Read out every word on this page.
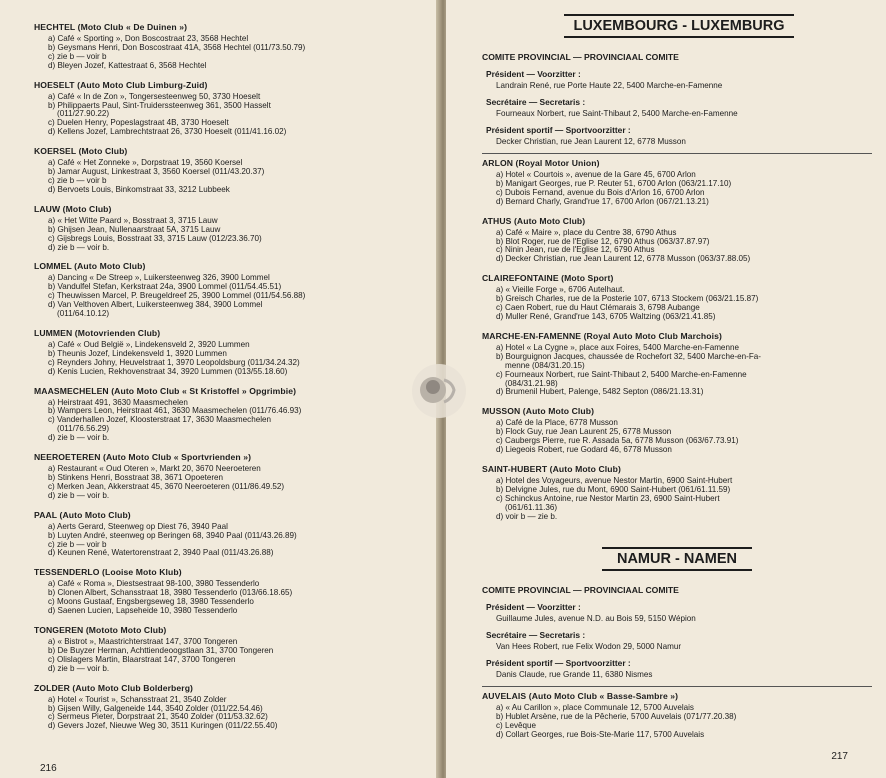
HECHTEL (Moto Club « De Duinen »)
a) Café « Sporting », Don Boscostraat 23, 3568 Hechtel
b) Geysmans Henri, Don Boscostraat 41A, 3568 Hechtel (011/73.50.79)
c) zie b — voir b
d) Bleyen Jozef, Kattestraat 6, 3568 Hechtel
HOESELT (Auto Moto Club Limburg-Zuid)
a) Café « In de Zon », Tongersesteenweg 50, 3730 Hoeselt
b) Philippaerts Paul, Sint-Truiderssteenweg 361, 3500 Hasselt
(011/27.90.22)
c) Duelen Henry, Popeslagstraat 4B, 3730 Hoeselt
d) Kellens Jozef, Lambrechtstraat 26, 3730 Hoeselt (011/41.16.02)
KOERSEL (Moto Club)
a) Café « Het Zonneke », Dorpstraat 19, 3560 Koersel
b) Jamar August, Linkestraat 3, 3560 Koersel (011/43.20.37)
c) zie b — voir b
d) Bervoets Louis, Binkomstraat 33, 3212 Lubbeek
LAUW (Moto Club)
a) « Het Witte Paard », Bosstraat 3, 3715 Lauw
b) Ghijsen Jean, Nullenaarstraat 5A, 3715 Lauw
c) Gijsbregs Louis, Bosstraat 33, 3715 Lauw (012/23.36.70)
d) zie b — voir b.
LOMMEL (Auto Moto Club)
a) Dancing « De Streep », Luikersteenweg 326, 3900 Lommel
b) Vandulfel Stefan, Kerkstraat 24a, 3900 Lommel (011/54.45.51)
c) Theuwissen Marcel, P. Breugeldreef 25, 3900 Lommel (011/54.56.88)
d) Van Velthoven Albert, Luikersteenweg 384, 3900 Lommel
(011/64.10.12)
LUMMEN (Motovrienden Club)
a) Café « Oud België », Lindekensveld 2, 3920 Lummen
b) Theunis Jozef, Lindekensveld 1, 3920 Lummen
c) Reynders Johny, Heuvelstraat 1, 3970 Leopoldsburg (011/34.24.32)
d) Kenis Lucien, Rekhovenstraat 34, 3920 Lummen (013/55.18.60)
MAASMECHELEN (Auto Moto Club « St Kristoffel » Opgrimbie)
a) Heirstraat 491, 3630 Maasmechelen
b) Wampers Leon, Heirstraat 461, 3630 Maasmechelen (011/76.46.93)
c) Vanderhallen Jozef, Kloosterstraat 17, 3630 Maasmechelen
(011/76.56.29)
d) zie b — voir b.
NEEROETEREN (Auto Moto Club « Sportvrienden »)
a) Restaurant « Oud Oteren », Markt 20, 3670 Neeroeteren
b) Stinkens Henri, Bosstraat 38, 3671 Opoeteren
c) Merken Jean, Akkerstraat 45, 3670 Neeroeteren (011/86.49.52)
d) zie b — voir b.
PAAL (Auto Moto Club)
a) Aerts Gerard, Steenweg op Diest 76, 3940 Paal
b) Luyten André, steenweg op Beringen 68, 3940 Paal (011/43.26.89)
c) zie b — voir b
d) Keunen René, Watertorenstraat 2, 3940 Paal (011/43.26.88)
TESSENDERLO (Looise Moto Klub)
a) Café « Roma », Diestsestraat 98-100, 3980 Tessenderlo
b) Clonen Albert, Schansstraat 18, 3980 Tessenderlo (013/66.18.65)
c) Moons Gustaaf, Engsbergseweg 18, 3980 Tessenderlo
d) Saenen Lucien, Lapseheide 10, 3980 Tessenderlo
TONGEREN (Mototo Moto Club)
a) « Bistrot », Maastrichterstraat 147, 3700 Tongeren
b) De Buyzer Herman, Achttiendeoogstlaan 31, 3700 Tongeren
c) Olislagers Martin, Blaarstraat 147, 3700 Tongeren
d) zie b — voir b.
ZOLDER (Auto Moto Club Bolderberg)
a) Hotel « Tourist », Schansstraat 21, 3540 Zolder
b) Gijsen Willy, Galgeneide 144, 3540 Zolder (011/22.54.46)
c) Sermeus Pieter, Dorpstraat 21, 3540 Zolder (011/53.32.62)
d) Gevers Jozef, Nieuwe Weg 30, 3511 Kuringen (011/22.55.40)
216
LUXEMBOURG - LUXEMBURG
COMITE PROVINCIAL — PROVINCIAAL COMITE
Président — Voorzitter :
Landrain René, rue Porte Haute 22, 5400 Marche-en-Famenne
Secrétaire — Secretaris :
Fourneaux Norbert, rue Saint-Thibaut 2, 5400 Marche-en-Famenne
Président sportif — Sportvoorzitter :
Decker Christian, rue Jean Laurent 12, 6778 Musson
ARLON (Royal Motor Union)
a) Hotel « Courtois », avenue de la Gare 45, 6700 Arlon
b) Manigart Georges, rue P. Reuter 51, 6700 Arlon (063/21.17.10)
c) Dubois Fernand, avenue du Bois d'Arlon 16, 6700 Arlon
d) Bernard Charly, Grand'rue 17, 6700 Arlon (067/21.13.21)
ATHUS (Auto Moto Club)
a) Café « Maire », place du Centre 38, 6790 Athus
b) Blot Roger, rue de l'Eglise 12, 6790 Athus (063/37.87.97)
c) Ninin Jean, rue de l'Eglise 12, 6790 Athus
d) Decker Christian, rue Jean Laurent 12, 6778 Musson (063/37.88.05)
CLAIREFONTAINE (Moto Sport)
a) « Vieille Forge », 6706 Autelhaut.
b) Greisch Charles, rue de la Posterie 107, 6713 Stockem (063/21.15.87)
c) Caen Robert, rue du Haut Clémarais 3, 6798 Aubange
d) Muller René, Grand'rue 143, 6705 Waltzing (063/21.41.85)
MARCHE-EN-FAMENNE (Royal Auto Moto Club Marchois)
a) Hotel « La Cygne », place aux Foires, 5400 Marche-en-Famenne
b) Bourguignon Jacques, chaussée de Rochefort 32, 5400 Marche-en-Fa-
menne (084/31.20.15)
c) Fourneaux Norbert, rue Saint-Thibaut 2, 5400 Marche-en-Famenne
(084/31.21.98)
d) Brumenil Hubert, Palenge, 5482 Septon (086/21.13.31)
MUSSON (Auto Moto Club)
a) Café de la Place, 6778 Musson
b) Flock Guy, rue Jean Laurent 25, 6778 Musson
c) Caubergs Pierre, rue R. Assada 5a, 6778 Musson (063/67.73.91)
d) Liegeois Robert, rue Godard 46, 6778 Musson
SAINT-HUBERT (Auto Moto Club)
a) Hotel des Voyageurs, avenue Nestor Martin, 6900 Saint-Hubert
b) Delvigne Jules, rue du Mont, 6900 Saint-Hubert (061/61.11.59)
c) Schinckus Antoine, rue Nestor Martin 23, 6900 Saint-Hubert
(061/61.11.36)
d) voir b — zie b.
NAMUR - NAMEN
COMITE PROVINCIAL — PROVINCIAAL COMITE
Président — Voorzitter :
Guillaume Jules, avenue N.D. au Bois 59, 5150 Wépion
Secrétaire — Secretaris :
Van Hees Robert, rue Felix Wodon 29, 5000 Namur
Président sportif — Sportvoorzitter :
Danis Claude, rue Grande 11, 6380 Nismes
AUVELAIS (Auto Moto Club « Basse-Sambre »)
a) « Au Carillon », place Communale 12, 5700 Auvelais
b) Hublet Arsène, rue de la Pêcherie, 5700 Auvelais (071/77.20.38)
c) Levêque
d) Collart Georges, rue Bois-Ste-Marie 117, 5700 Auvelais
217
